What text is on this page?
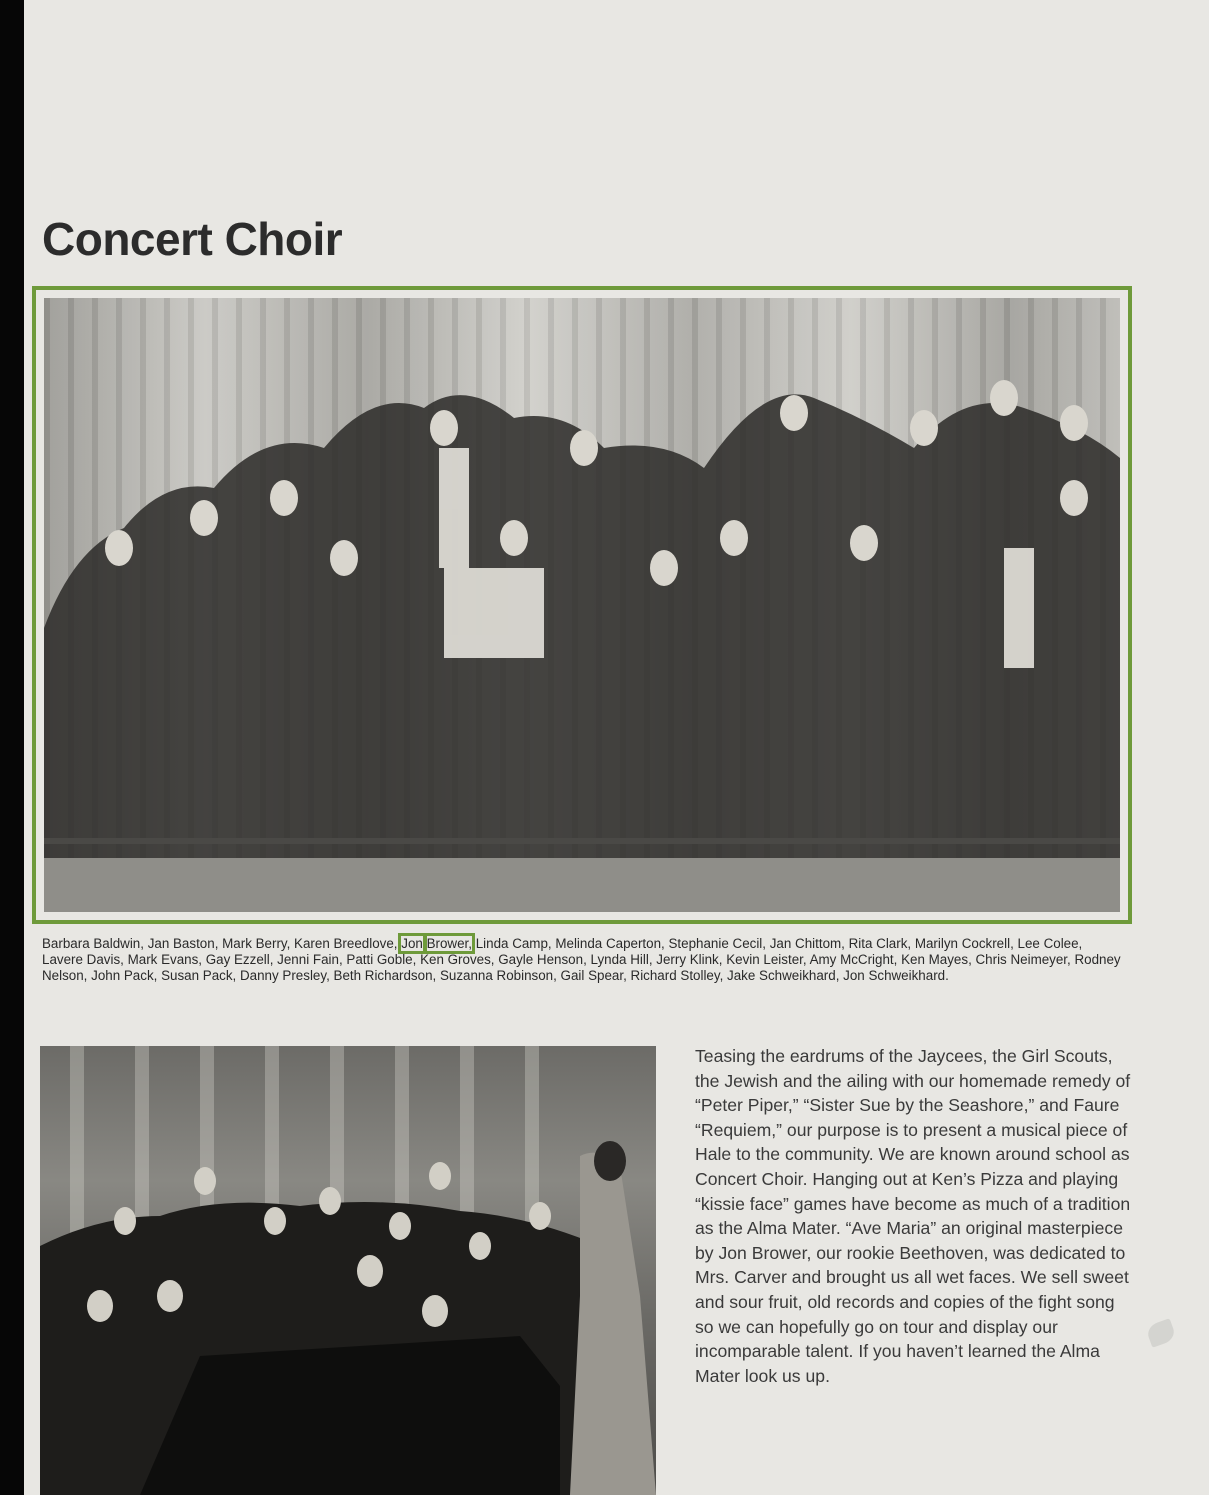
Concert Choir

Barbara Baldwin, Jan Baston, Mark Berry, Karen Breedlove, Jon Brower, Linda Camp, Melinda Caperton, Stephanie Cecil, Jan Chittom, Rita Clark, Marilyn Cockrell, Lee Colee, Lavere Davis, Mark Evans, Gay Ezzell, Jenni Fain, Patti Goble, Ken Groves, Gayle Henson, Lynda Hill, Jerry Klink, Kevin Leister, Amy McCright, Ken Mayes, Chris Neimeyer, Rodney Nelson, John Pack, Susan Pack, Danny Presley, Beth Richardson, Suzanna Robinson, Gail Spear, Richard Stolley, Jake Schweikhard, Jon Schweikhard.

Teasing the eardrums of the Jaycees, the Girl Scouts, the Jewish and the ailing with our homemade remedy of “Peter Piper,” “Sister Sue by the Seashore,” and Faure “Requiem,” our purpose is to present a musical piece of Hale to the community. We are known around school as Concert Choir. Hanging out at Ken’s Pizza and playing “kissie face” games have become as much of a tradition as the Alma Mater. “Ave Maria” an original masterpiece by Jon Brower, our rookie Beethoven, was dedicated to Mrs. Carver and brought us all wet faces. We sell sweet and sour fruit, old records and copies of the fight song so we can hopefully go on tour and display our incomparable talent. If you haven’t learned the Alma Mater look us up.
